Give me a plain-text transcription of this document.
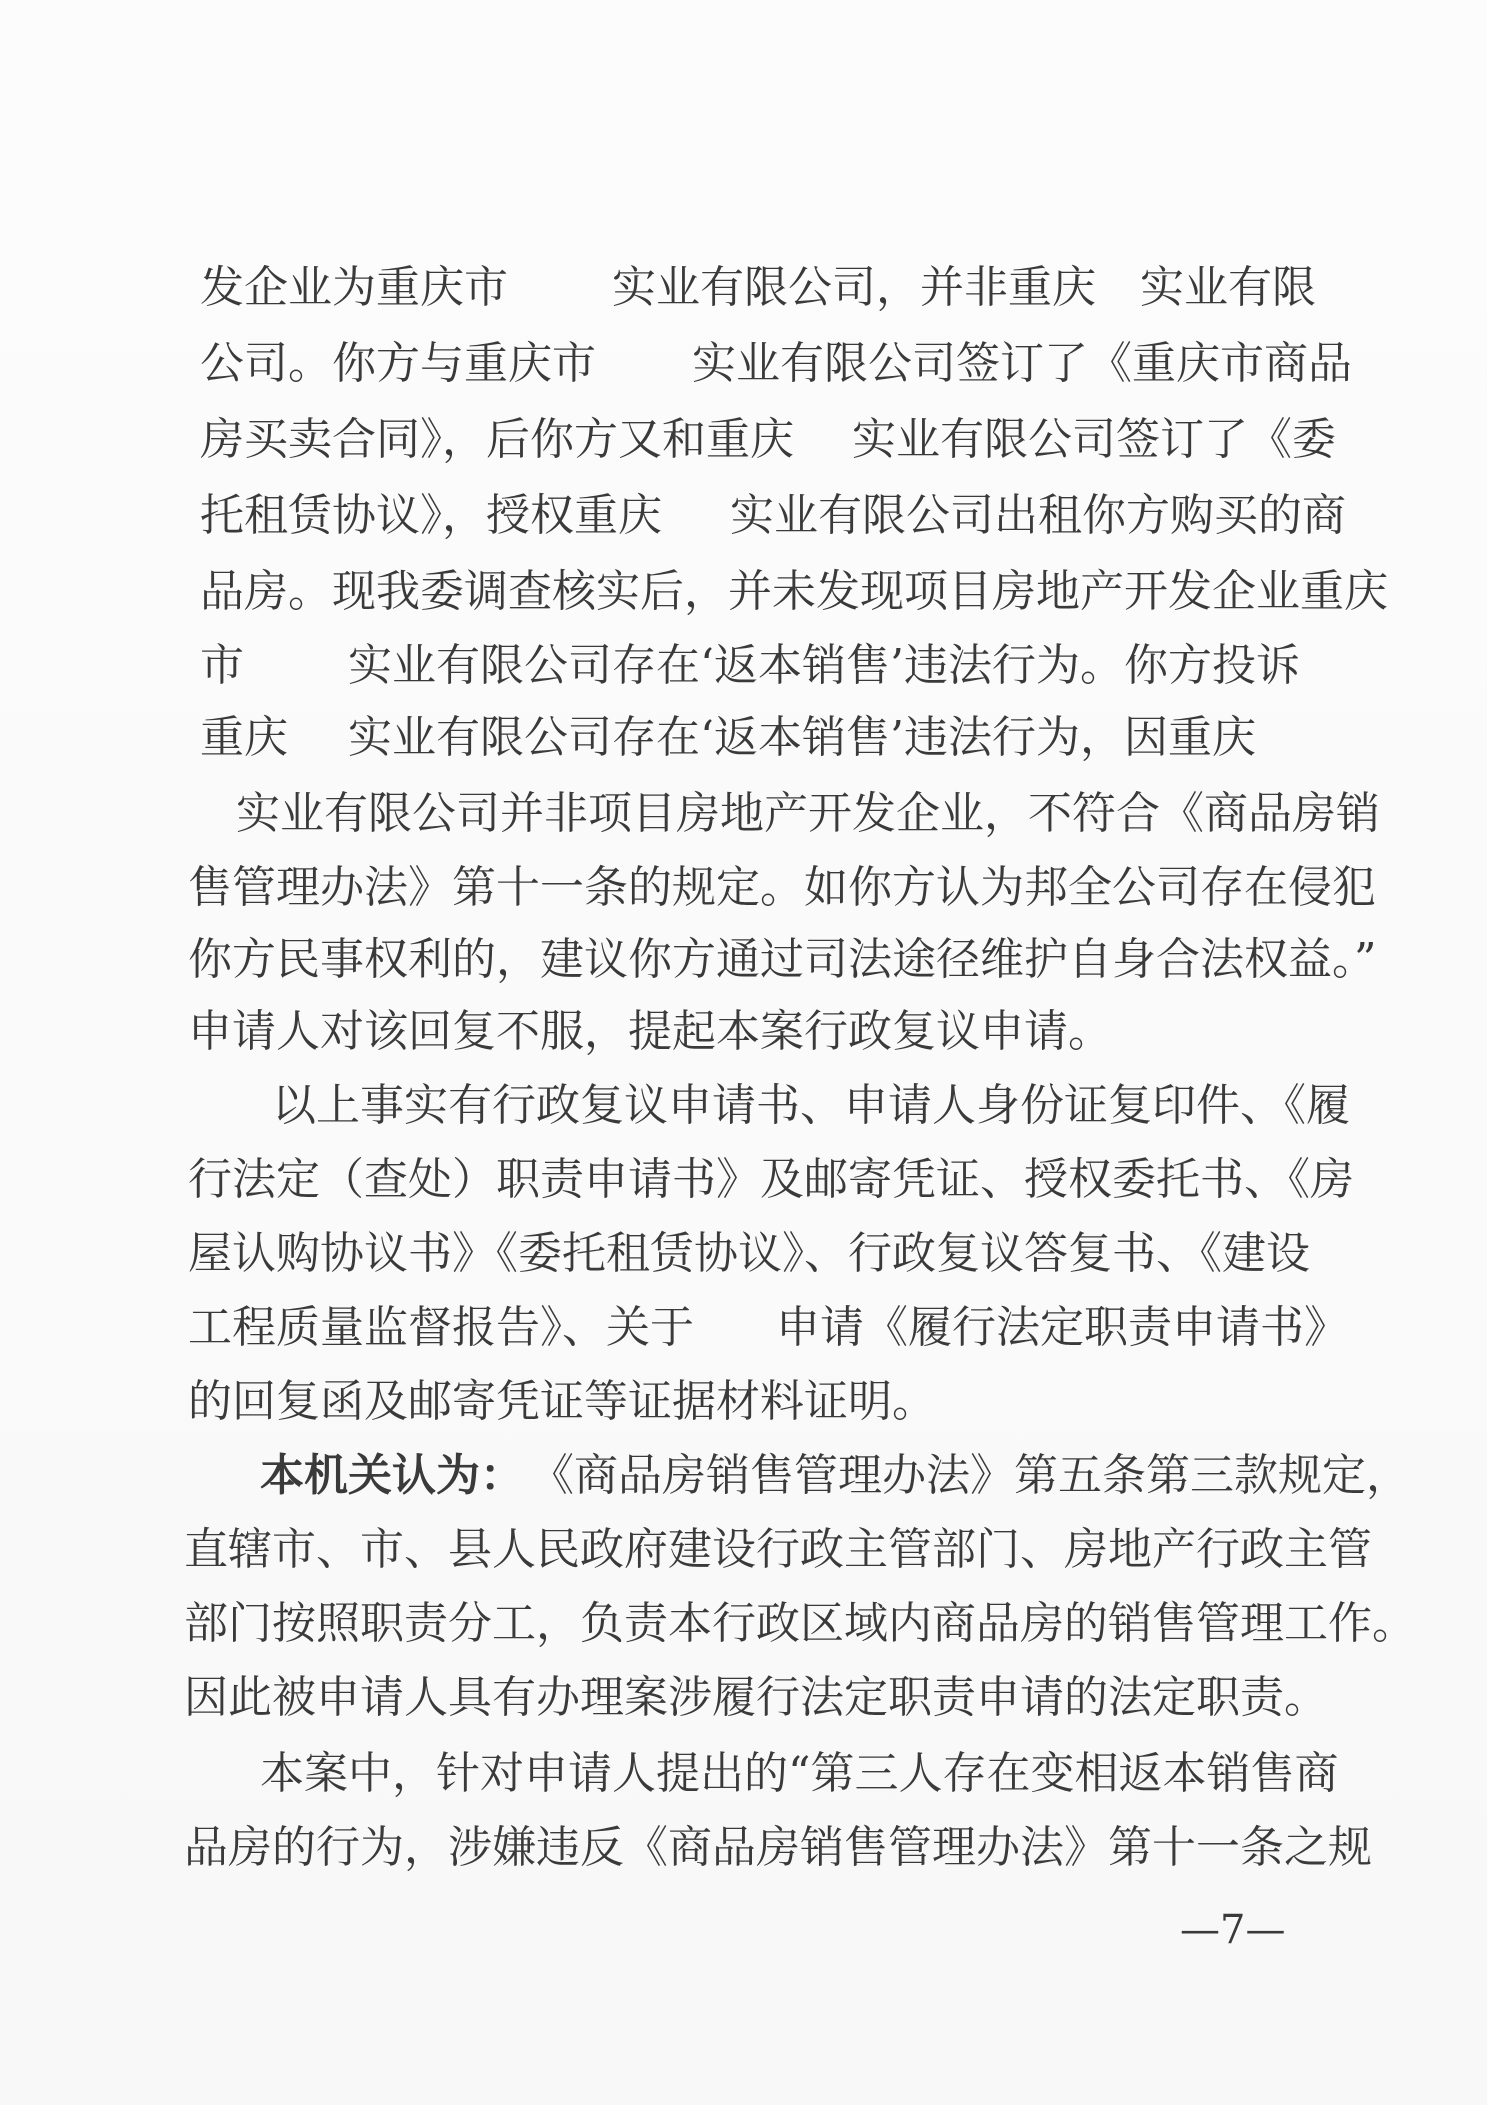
发企业为重庆市

实业有限公司，并非重庆

实业有限

公司。你方与重庆市

实业有限公司签订了《重庆市商品

房买卖合同》，后你方又和重庆

实业有限公司签订了《委

托租赁协议》，授权重庆

实业有限公司出租你方购买的商

品房。现我委调查核实后，并未发现项目房地产开发企业重庆

市

实业有限公司存在‘返本销售’违法行为。你方投诉

重庆

实业有限公司存在‘返本销售’违法行为，因重庆

实业有限公司并非项目房地产开发企业，不符合《商品房销

售管理办法》第十一条的规定。如你方认为邦全公司存在侵犯

你方民事权利的，建议你方通过司法途径维护自身合法权益。”

申请人对该回复不服，提起本案行政复议申请。

以上事实有行政复议申请书、申请人身份证复印件、《履

行法定（查处）职责申请书》及邮寄凭证、授权委托书、《房

屋认购协议书》《委托租赁协议》、行政复议答复书、《建设

工程质量监督报告》、关于

申请《履行法定职责申请书》

的回复函及邮寄凭证等证据材料证明。

本机关认为：

《商品房销售管理办法》第五条第三款规定，

直辖市、市、县人民政府建设行政主管部门、房地产行政主管

部门按照职责分工，负责本行政区域内商品房的销售管理工作。

因此被申请人具有办理案涉履行法定职责申请的法定职责。

本案中，针对申请人提出的“第三人存在变相返本销售商

品房的行为，涉嫌违反《商品房销售管理办法》第十一条之规

—7—
